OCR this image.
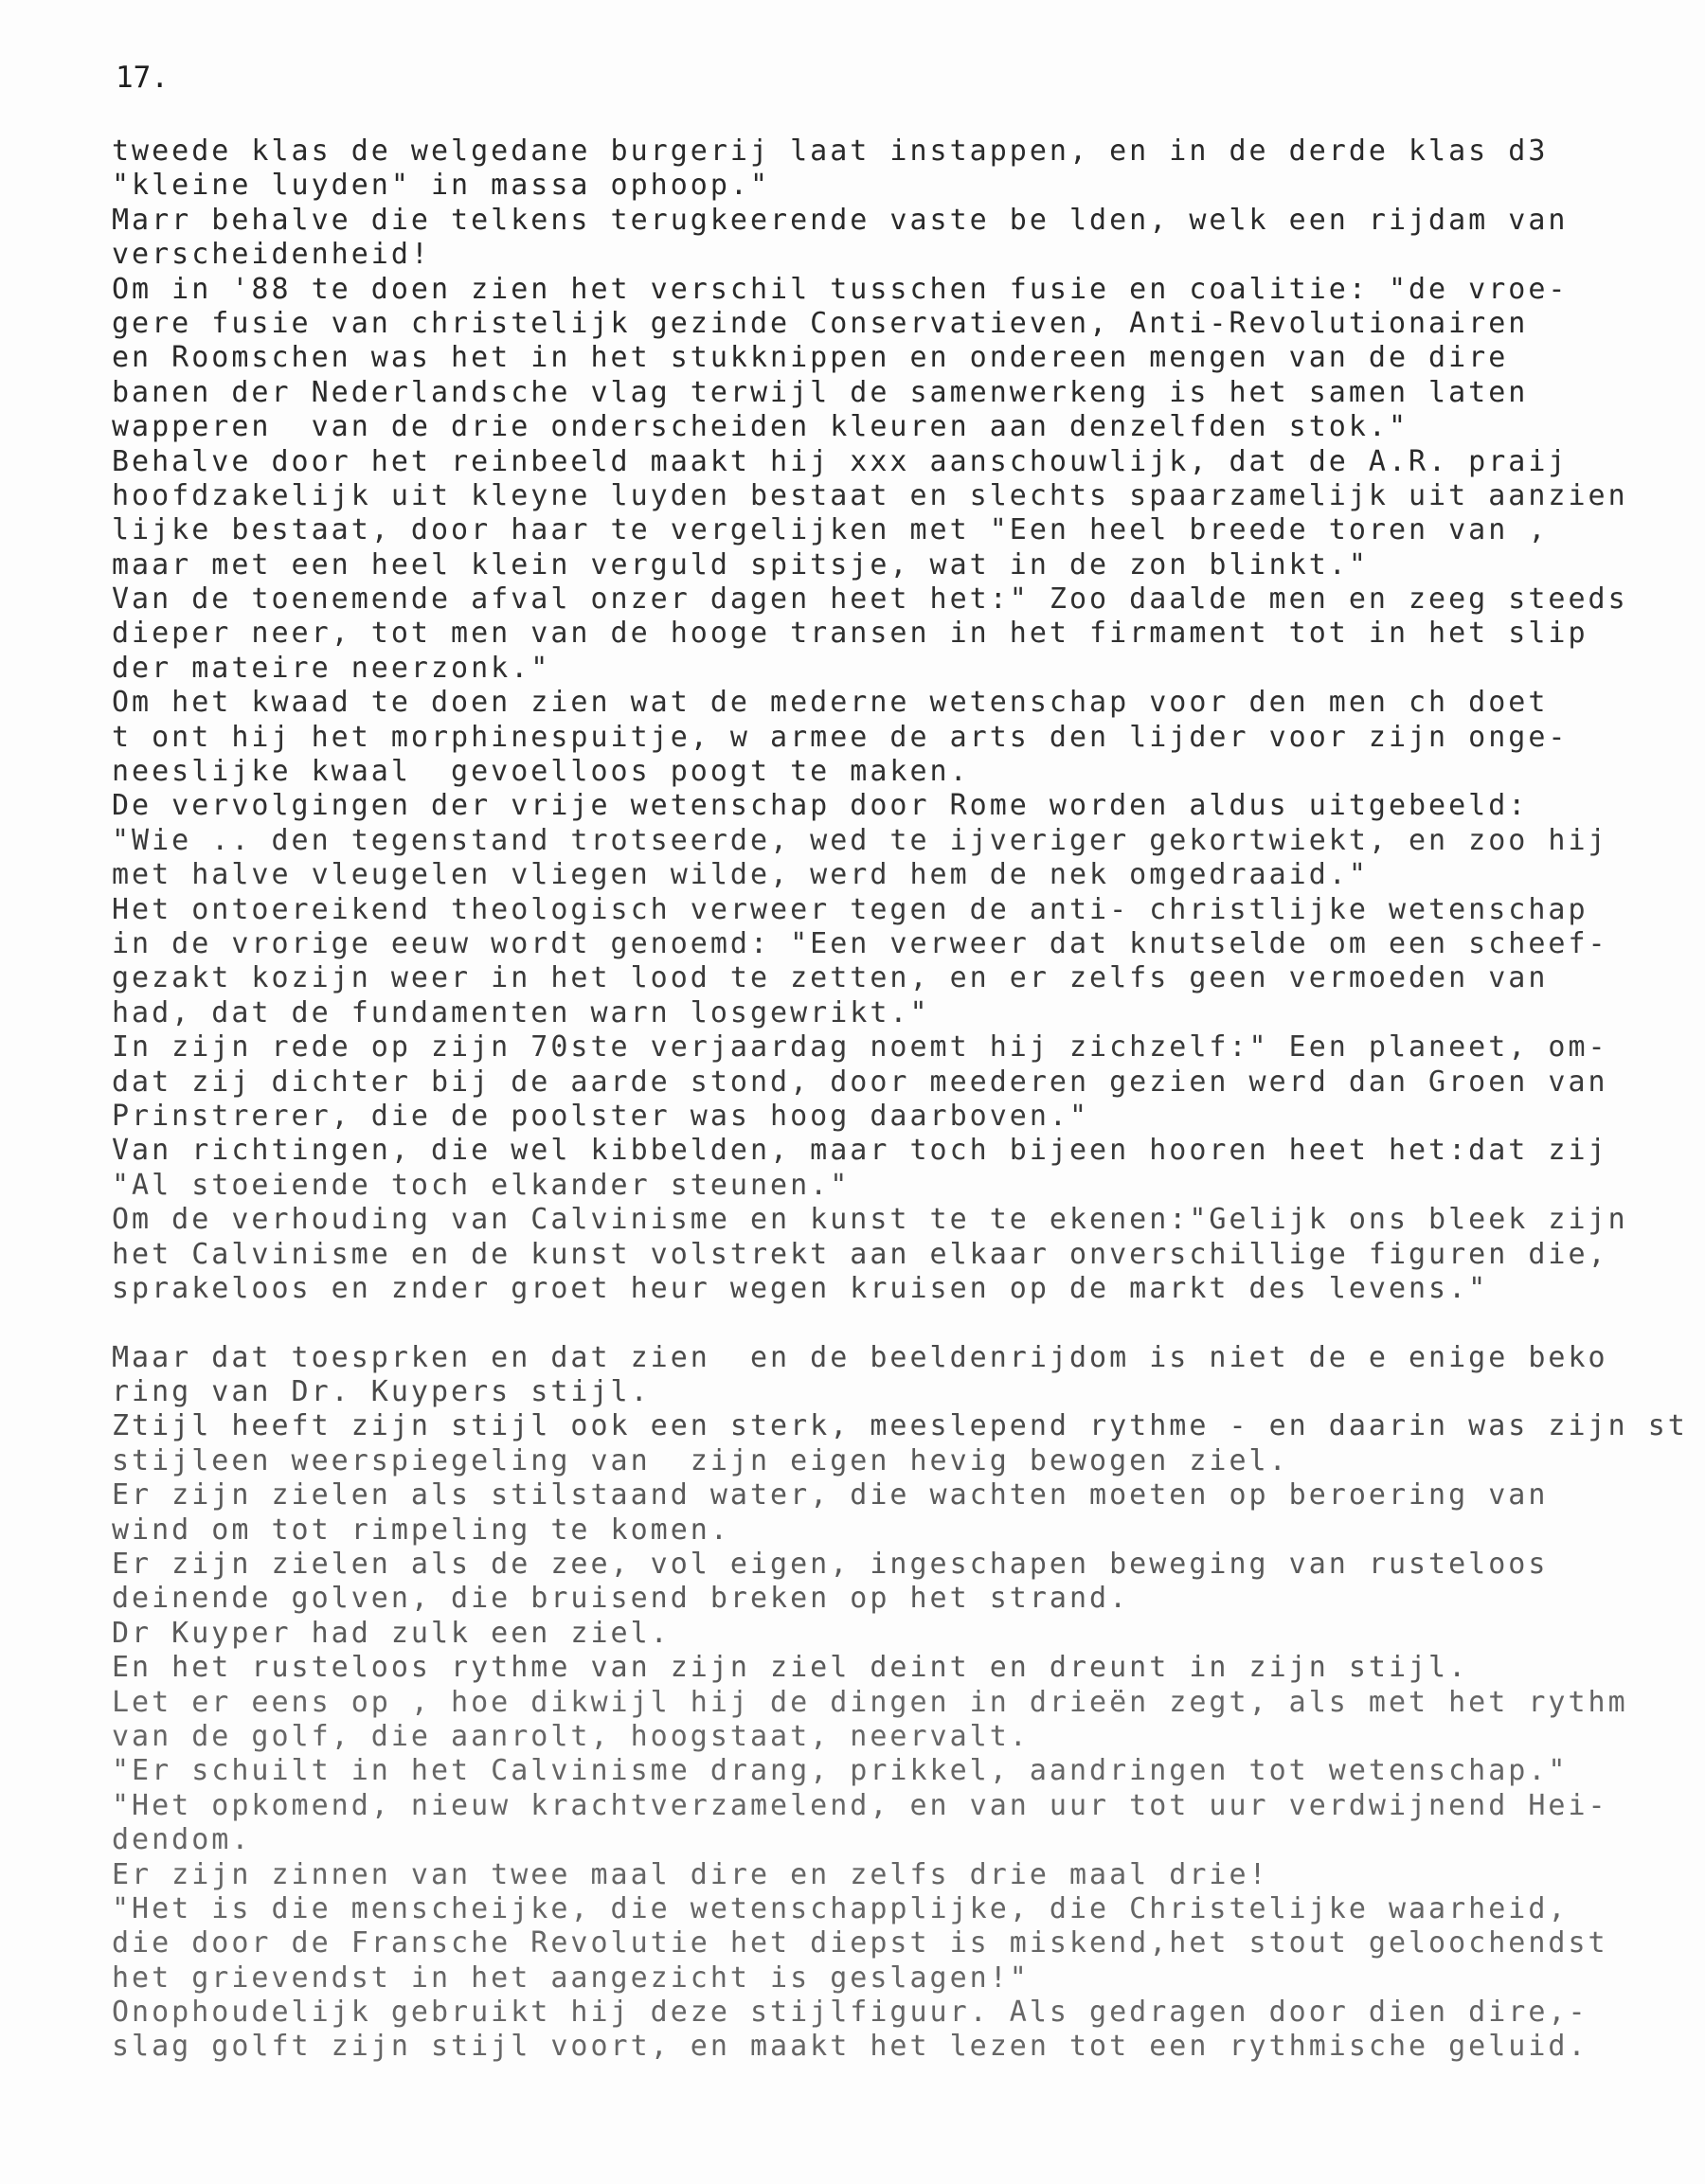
17.
tweede klas de welgedane burgerij laat instappen, en in de derde klas d3
"kleine luyden" in massa ophoop."
Marr behalve die telkens terugkeerende vaste be lden, welk een rijdam van
verscheidenheid!
Om in '88 te doen zien het verschil tusschen fusie en coalitie: "de vroe-
gere fusie van christelijk gezinde Conservatieven, Anti-Revolutionairen
en Roomschen was het in het stukknippen en ondereen mengen van de dire
banen der Nederlandsche vlag terwijl de samenwerkeng is het samen laten
wapperen  van de drie onderscheiden kleuren aan denzelfden stok."
Behalve door het reinbeeld maakt hij xxx aanschouwlijk, dat de A.R. praij
hoofdzakelijk uit kleyne luyden bestaat en slechts spaarzamelijk uit aanzien
lijke bestaat, door haar te vergelijken met "Een heel breede toren van ,
maar met een heel klein verguld spitsje, wat in de zon blinkt."
Van de toenemende afval onzer dagen heet het:" Zoo daalde men en zeeg steeds
dieper neer, tot men van de hooge transen in het firmament tot in het slip
der mateire neerzonk."
Om het kwaad te doen zien wat de mederne wetenschap voor den men ch doet
t ont hij het morphinespuitje, w armee de arts den lijder voor zijn onge-
neeslijke kwaal  gevoelloos poogt te maken.
De vervolgingen der vrije wetenschap door Rome worden aldus uitgebeeld:
"Wie .. den tegenstand trotseerde, wed te ijveriger gekortwiekt, en zoo hij
met halve vleugelen vliegen wilde, werd hem de nek omgedraaid."
Het ontoereikend theologisch verweer tegen de anti- christlijke wetenschap
in de vrorige eeuw wordt genoemd: "Een verweer dat knutselde om een scheef-
gezakt kozijn weer in het lood te zetten, en er zelfs geen vermoeden van
had, dat de fundamenten warn losgewrikt."
In zijn rede op zijn 70ste verjaardag noemt hij zichzelf:" Een planeet, om-
dat zij dichter bij de aarde stond, door meederen gezien werd dan Groen van
Prinstrerer, die de poolster was hoog daarboven."
Van richtingen, die wel kibbelden, maar toch bijeen hooren heet het:dat zij
"Al stoeiende toch elkander steunen."
Om de verhouding van Calvinisme en kunst te te ekenen:"Gelijk ons bleek zijn
het Calvinisme en de kunst volstrekt aan elkaar onverschillige figuren die,
sprakeloos en znder groet heur wegen kruisen op de markt des levens."

Maar dat toesprken en dat zien  en de beeldenrijdom is niet de e enige beko
ring van Dr. Kuypers stijl.
Ztijl heeft zijn stijl ook een sterk, meeslepend rythme - en daarin was zijn st
stijleen weerspiegeling van  zijn eigen hevig bewogen ziel.
Er zijn zielen als stilstaand water, die wachten moeten op beroering van
wind om tot rimpeling te komen.
Er zijn zielen als de zee, vol eigen, ingeschapen beweging van rusteloos
deinende golven, die bruisend breken op het strand.
Dr Kuyper had zulk een ziel.
En het rusteloos rythme van zijn ziel deint en dreunt in zijn stijl.
Let er eens op , hoe dikwijl hij de dingen in drieën zegt, als met het rythm
van de golf, die aanrolt, hoogstaat, neervalt.
"Er schuilt in het Calvinisme drang, prikkel, aandringen tot wetenschap."
"Het opkomend, nieuw krachtverzamelend, en van uur tot uur verdwijnend Hei-
dendom.
Er zijn zinnen van twee maal dire en zelfs drie maal drie!
"Het is die menscheijke, die wetenschapplijke, die Christelijke waarheid,
die door de Fransche Revolutie het diepst is miskend,het stout geloochendst
het grievendst in het aangezicht is geslagen!"
Onophoudelijk gebruikt hij deze stijlfiguur. Als gedragen door dien dire,-
slag golft zijn stijl voort, en maakt het lezen tot een rythmische geluid.
